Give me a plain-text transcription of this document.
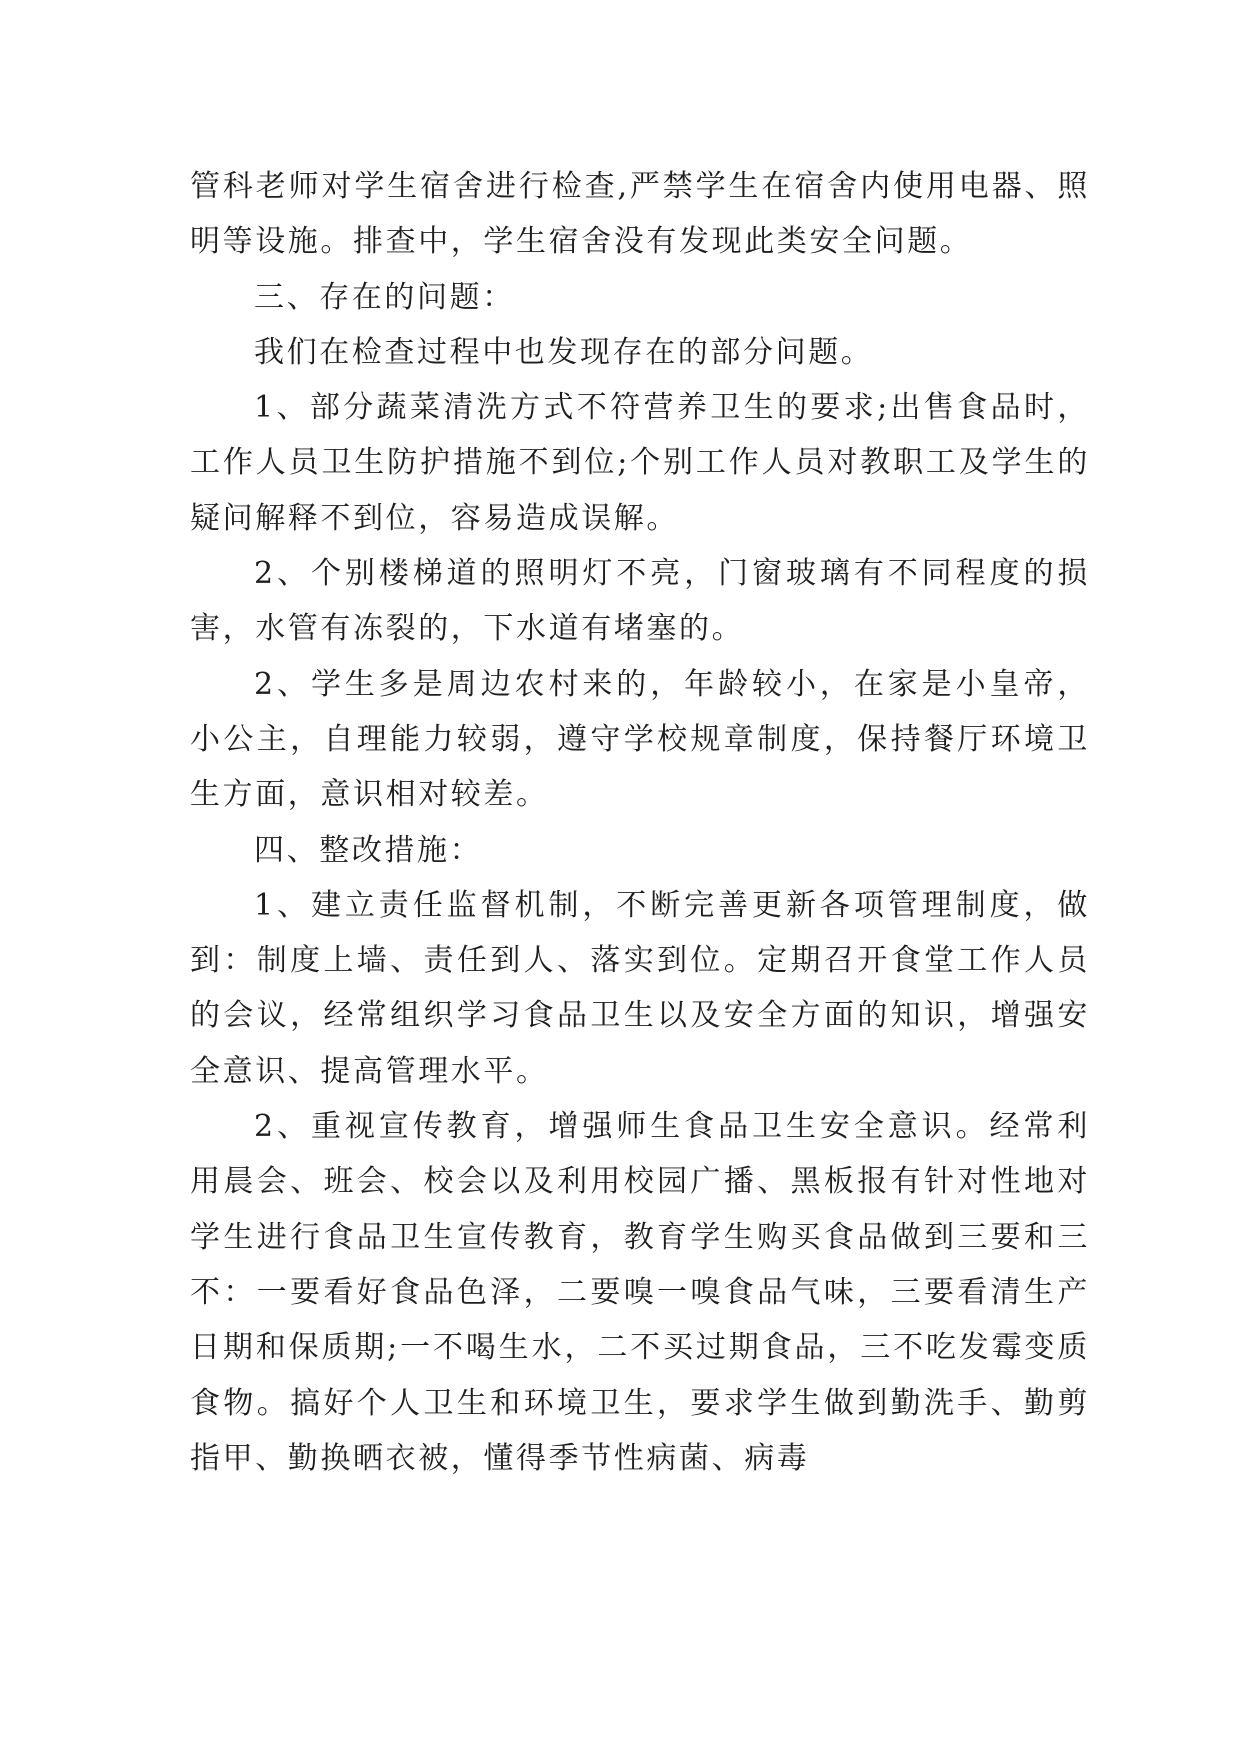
管科老师对学生宿舍进行检查,严禁学生在宿舍内使用电器、照明等设施。排查中，学生宿舍没有发现此类安全问题。

三、存在的问题：

我们在检查过程中也发现存在的部分问题。

1、部分蔬菜清洗方式不符营养卫生的要求;出售食品时，工作人员卫生防护措施不到位;个别工作人员对教职工及学生的疑问解释不到位，容易造成误解。

2、个别楼梯道的照明灯不亮，门窗玻璃有不同程度的损害，水管有冻裂的，下水道有堵塞的。

2、学生多是周边农村来的，年龄较小，在家是小皇帝，小公主，自理能力较弱，遵守学校规章制度，保持餐厅环境卫生方面，意识相对较差。

四、整改措施：

1、建立责任监督机制，不断完善更新各项管理制度，做到：制度上墙、责任到人、落实到位。定期召开食堂工作人员的会议，经常组织学习食品卫生以及安全方面的知识，增强安全意识、提高管理水平。

2、重视宣传教育，增强师生食品卫生安全意识。经常利用晨会、班会、校会以及利用校园广播、黑板报有针对性地对学生进行食品卫生宣传教育，教育学生购买食品做到三要和三不：一要看好食品色泽，二要嗅一嗅食品气味，三要看清生产日期和保质期;一不喝生水，二不买过期食品，三不吃发霉变质食物。搞好个人卫生和环境卫生，要求学生做到勤洗手、勤剪指甲、勤换晒衣被，懂得季节性病菌、病毒
